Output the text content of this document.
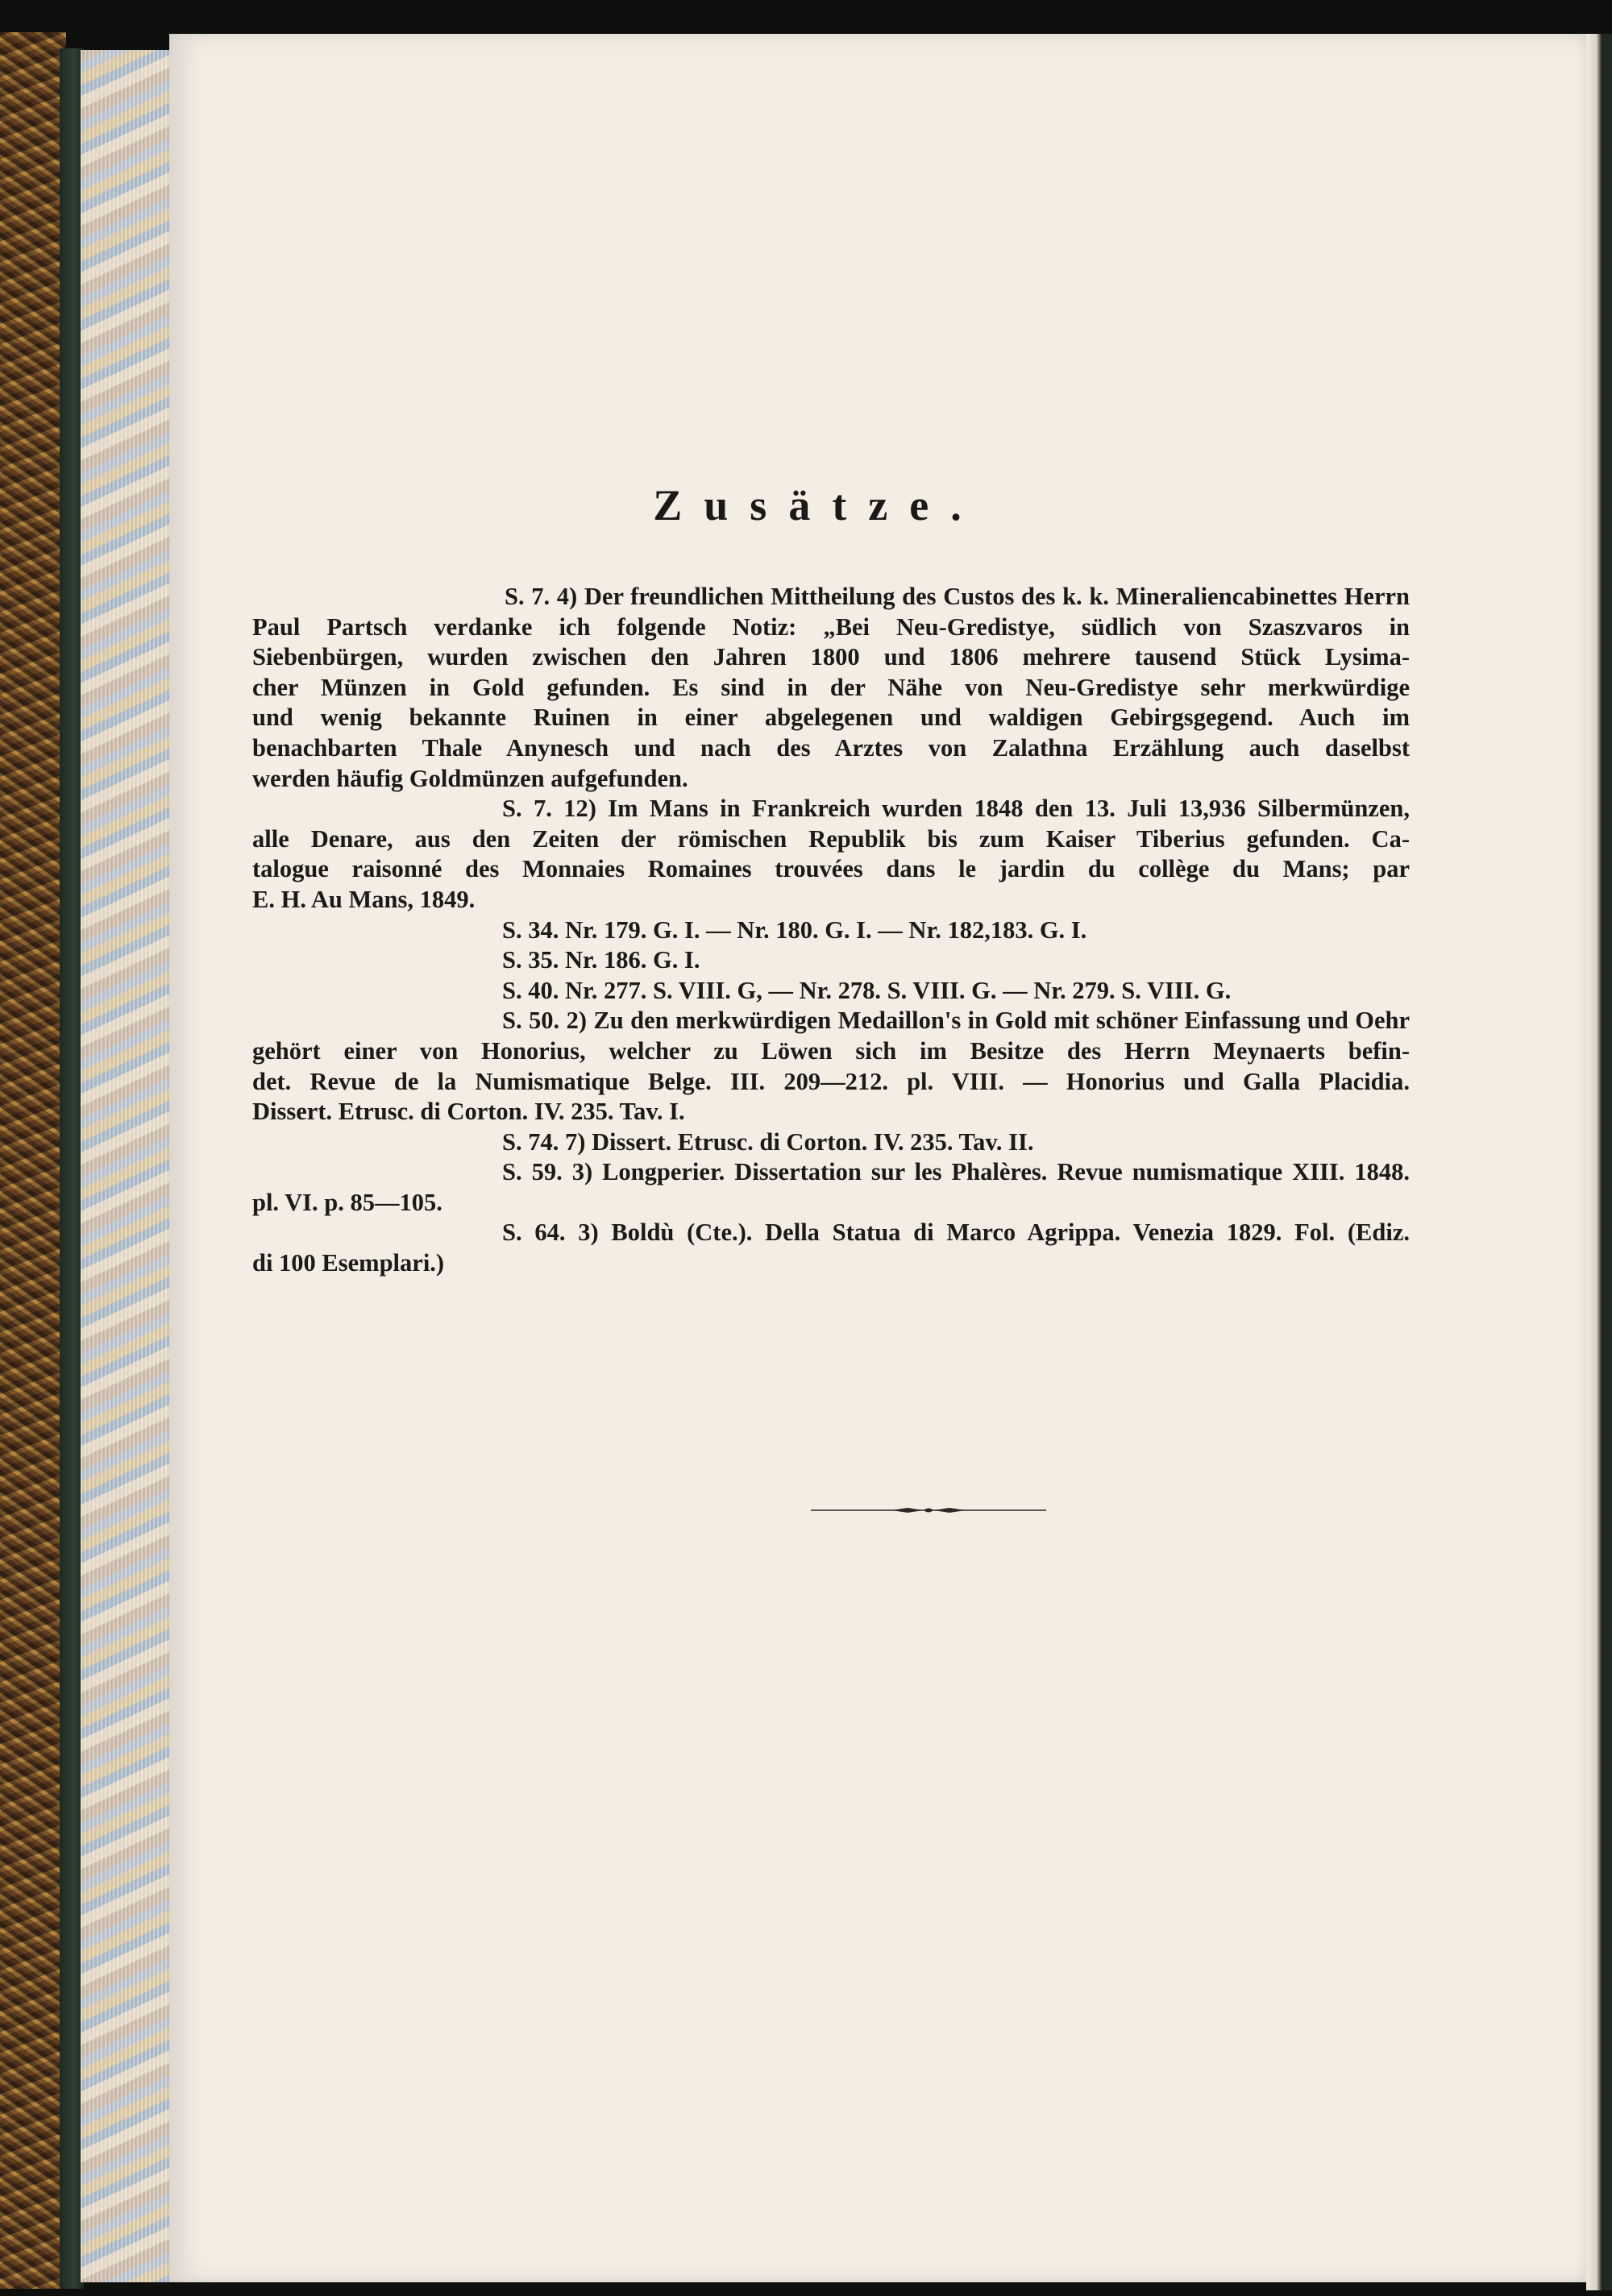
Zusätze.
S. 7. 4) Der freundlichen Mittheilung des Custos des k. k. Mineraliencabinettes Herrn
Paul Partsch verdanke ich folgende Notiz: „Bei Neu-Gredistye, südlich von Szaszvaros in
Siebenbürgen, wurden zwischen den Jahren 1800 und 1806 mehrere tausend Stück Lysima-
cher Münzen in Gold gefunden. Es sind in der Nähe von Neu-Gredistye sehr merkwürdige
und wenig bekannte Ruinen in einer abgelegenen und waldigen Gebirgsgegend. Auch im
benachbarten Thale Anynesch und nach des Arztes von Zalathna Erzählung auch daselbst
werden häufig Goldmünzen aufgefunden.
S. 7. 12) Im Mans in Frankreich wurden 1848 den 13. Juli 13,936 Silbermünzen,
alle Denare, aus den Zeiten der römischen Republik bis zum Kaiser Tiberius gefunden. Ca-
talogue raisonné des Monnaies Romaines trouvées dans le jardin du collège du Mans; par
E. H. Au Mans, 1849.
S. 34. Nr. 179. G. I. — Nr. 180. G. I. — Nr. 182,183. G. I.
S. 35. Nr. 186. G. I.
S. 40. Nr. 277. S. VIII. G, — Nr. 278. S. VIII. G. — Nr. 279. S. VIII. G.
S. 50. 2) Zu den merkwürdigen Medaillon's in Gold mit schöner Einfassung und Oehr
gehört einer von Honorius, welcher zu Löwen sich im Besitze des Herrn Meynaerts befin-
det. Revue de la Numismatique Belge. III. 209—212. pl. VIII. — Honorius und Galla Placidia.
Dissert. Etrusc. di Corton. IV. 235. Tav. I.
S. 74. 7) Dissert. Etrusc. di Corton. IV. 235. Tav. II.
S. 59. 3) Longperier. Dissertation sur les Phalères. Revue numismatique XIII. 1848.
pl. VI. p. 85—105.
S. 64. 3) Boldù (Cte.). Della Statua di Marco Agrippa. Venezia 1829. Fol. (Ediz.
di 100 Esemplari.)
